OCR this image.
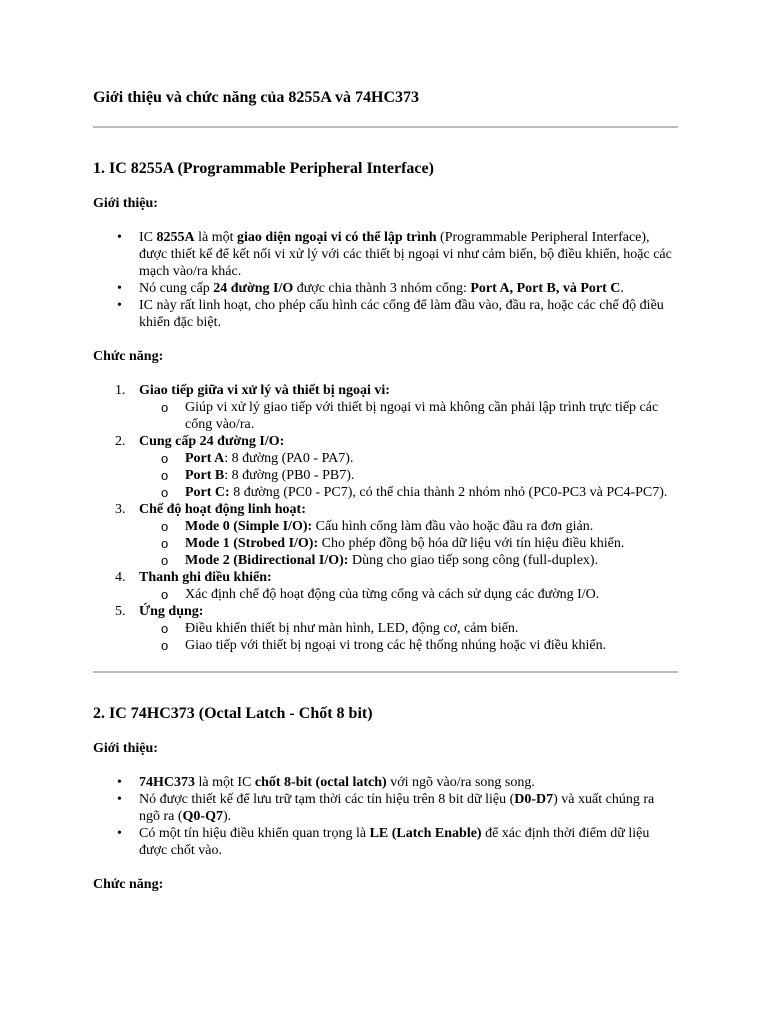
Giới thiệu và chức năng của 8255A và 74HC373
1. IC 8255A (Programmable Peripheral Interface)

Giới thiệu:

• IC 8255A là một giao diện ngoại vi có thể lập trình (Programmable Peripheral Interface), được thiết kế để kết nối vi xử lý với các thiết bị ngoại vi như cảm biến, bộ điều khiển, hoặc các mạch vào/ra khác.
• Nó cung cấp 24 đường I/O được chia thành 3 nhóm cổng: Port A, Port B, và Port C.
• IC này rất linh hoạt, cho phép cấu hình các cổng để làm đầu vào, đầu ra, hoặc các chế độ điều khiển đặc biệt.

Chức năng:

1. Giao tiếp giữa vi xử lý và thiết bị ngoại vi:
o Giúp vi xử lý giao tiếp với thiết bị ngoại vi mà không cần phải lập trình trực tiếp các cổng vào/ra.
2. Cung cấp 24 đường I/O:
o Port A: 8 đường (PA0 - PA7).
o Port B: 8 đường (PB0 - PB7).
o Port C: 8 đường (PC0 - PC7), có thể chia thành 2 nhóm nhỏ (PC0-PC3 và PC4-PC7).
3. Chế độ hoạt động linh hoạt:
o Mode 0 (Simple I/O): Cấu hình cổng làm đầu vào hoặc đầu ra đơn giản.
o Mode 1 (Strobed I/O): Cho phép đồng bộ hóa dữ liệu với tín hiệu điều khiển.
o Mode 2 (Bidirectional I/O): Dùng cho giao tiếp song công (full-duplex).
4. Thanh ghi điều khiển:
o Xác định chế độ hoạt động của từng cổng và cách sử dụng các đường I/O.
5. Ứng dụng:
o Điều khiển thiết bị như màn hình, LED, động cơ, cảm biến.
o Giao tiếp với thiết bị ngoại vi trong các hệ thống nhúng hoặc vi điều khiển.
2. IC 74HC373 (Octal Latch - Chốt 8 bit)

Giới thiệu:

• 74HC373 là một IC chốt 8-bit (octal latch) với ngõ vào/ra song song.
• Nó được thiết kế để lưu trữ tạm thời các tín hiệu trên 8 bit dữ liệu (D0-D7) và xuất chúng ra ngõ ra (Q0-Q7).
• Có một tín hiệu điều khiển quan trọng là LE (Latch Enable) để xác định thời điểm dữ liệu được chốt vào.

Chức năng:
